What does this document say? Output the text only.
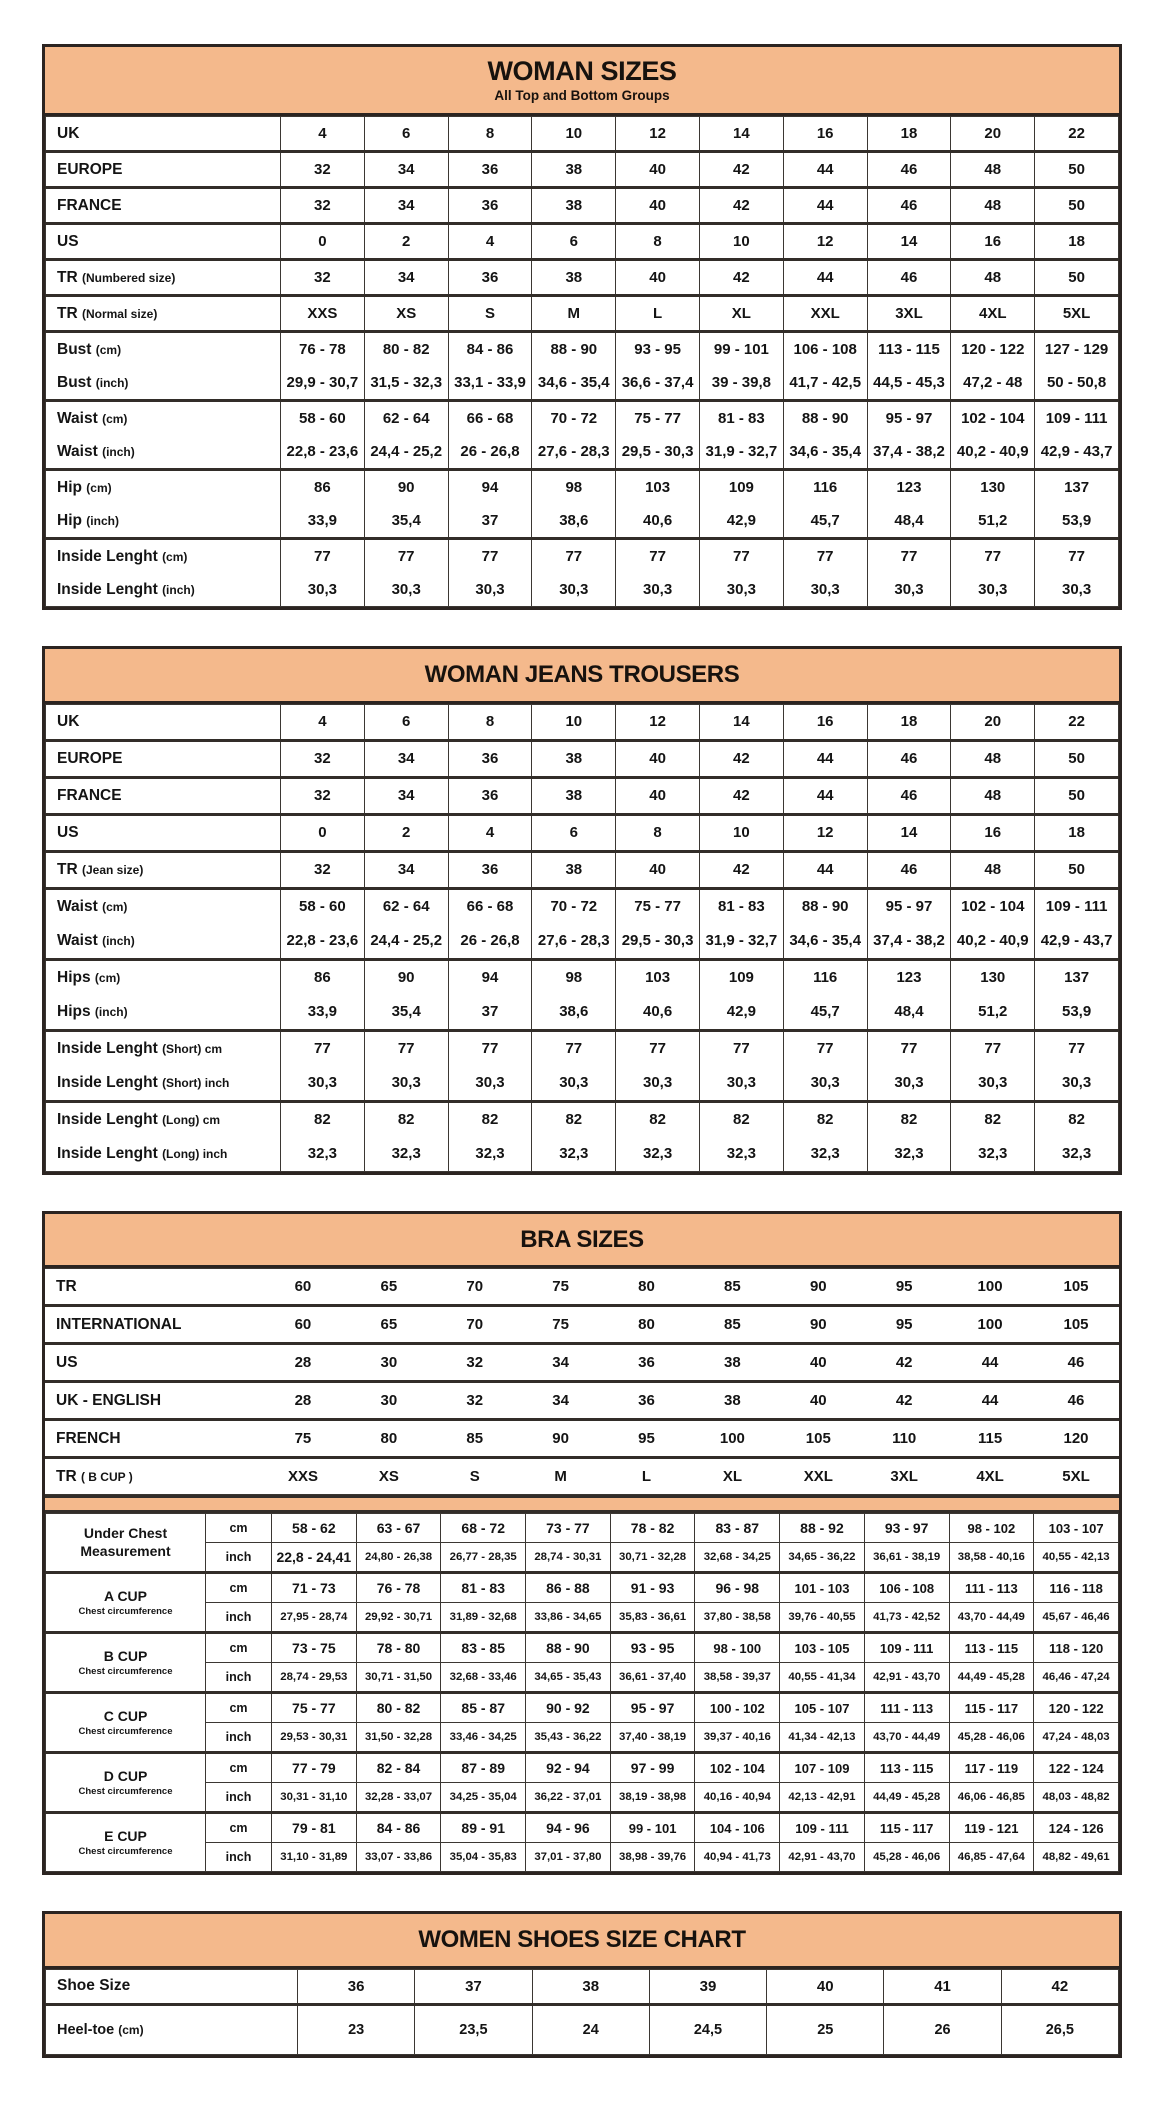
WOMAN SIZES

All Top and Bottom Groups

UK	4	6	8	10	12	14	16	18	20	22
EUROPE	32	34	36	38	40	42	44	46	48	50
FRANCE	32	34	36	38	40	42	44	46	48	50
US	0	2	4	6	8	10	12	14	16	18
TR (Numbered size)	32	34	36	38	40	42	44	46	48	50
TR (Normal size)	XXS	XS	S	M	L	XL	XXL	3XL	4XL	5XL
Bust (cm)	76 - 78	80 - 82	84 - 86	88 - 90	93 - 95	99 - 101	106 - 108	113 - 115	120 - 122	127 - 129
Bust (inch)	29,9 - 30,7	31,5 - 32,3	33,1 - 33,9	34,6 - 35,4	36,6 - 37,4	39 - 39,8	41,7 - 42,5	44,5 - 45,3	47,2 - 48	50 - 50,8
Waist (cm)	58 - 60	62 - 64	66 - 68	70 - 72	75 - 77	81 - 83	88 - 90	95 - 97	102 - 104	109 - 111
Waist (inch)	22,8 - 23,6	24,4 - 25,2	26 - 26,8	27,6 - 28,3	29,5 - 30,3	31,9 - 32,7	34,6 - 35,4	37,4 - 38,2	40,2 - 40,9	42,9 - 43,7
Hip (cm)	86	90	94	98	103	109	116	123	130	137
Hip (inch)	33,9	35,4	37	38,6	40,6	42,9	45,7	48,4	51,2	53,9
Inside Lenght (cm)	77	77	77	77	77	77	77	77	77	77
Inside Lenght (inch)	30,3	30,3	30,3	30,3	30,3	30,3	30,3	30,3	30,3	30,3
WOMAN JEANS TROUSERS
UK	4	6	8	10	12	14	16	18	20	22
EUROPE	32	34	36	38	40	42	44	46	48	50
FRANCE	32	34	36	38	40	42	44	46	48	50
US	0	2	4	6	8	10	12	14	16	18
TR (Jean size)	32	34	36	38	40	42	44	46	48	50
Waist (cm)	58 - 60	62 - 64	66 - 68	70 - 72	75 - 77	81 - 83	88 - 90	95 - 97	102 - 104	109 - 111
Waist (inch)	22,8 - 23,6	24,4 - 25,2	26 - 26,8	27,6 - 28,3	29,5 - 30,3	31,9 - 32,7	34,6 - 35,4	37,4 - 38,2	40,2 - 40,9	42,9 - 43,7
Hips (cm)	86	90	94	98	103	109	116	123	130	137
Hips (inch)	33,9	35,4	37	38,6	40,6	42,9	45,7	48,4	51,2	53,9
Inside Lenght (Short) cm	77	77	77	77	77	77	77	77	77	77
Inside Lenght (Short) inch	30,3	30,3	30,3	30,3	30,3	30,3	30,3	30,3	30,3	30,3
Inside Lenght (Long) cm	82	82	82	82	82	82	82	82	82	82
Inside Lenght (Long) inch	32,3	32,3	32,3	32,3	32,3	32,3	32,3	32,3	32,3	32,3
BRA SIZES
TR	60	65	70	75	80	85	90	95	100	105
INTERNATIONAL	60	65	70	75	80	85	90	95	100	105
US	28	30	32	34	36	38	40	42	44	46
UK - ENGLISH	28	30	32	34	36	38	40	42	44	46
FRENCH	75	80	85	90	95	100	105	110	115	120
TR ( B CUP )	XXS	XS	S	M	L	XL	XXL	3XL	4XL	5XL
Under Chest Measurement	cm	58 - 62	63 - 67	68 - 72	73 - 77	78 - 82	83 - 87	88 - 92	93 - 97	98 - 102	103 - 107
	inch	22,8 - 24,41	24,80 - 26,38	26,77 - 28,35	28,74 - 30,31	30,71 - 32,28	32,68 - 34,25	34,65 - 36,22	36,61 - 38,19	38,58 - 40,16	40,55 - 42,13

A CUP
Chest circumference	cm	71 - 73	76 - 78	81 - 83	86 - 88	91 - 93	96 - 98	101 - 103	106 - 108	111 - 113	116 - 118
	inch	27,95 - 28,74	29,92 - 30,71	31,89 - 32,68	33,86 - 34,65	35,83 - 36,61	37,80 - 38,58	39,76 - 40,55	41,73 - 42,52	43,70 - 44,49	45,67 - 46,46

B CUP
Chest circumference	cm	73 - 75	78 - 80	83 - 85	88 - 90	93 - 95	98 - 100	103 - 105	109 - 111	113 - 115	118 - 120
	inch	28,74 - 29,53	30,71 - 31,50	32,68 - 33,46	34,65 - 35,43	36,61 - 37,40	38,58 - 39,37	40,55 - 41,34	42,91 - 43,70	44,49 - 45,28	46,46 - 47,24

C CUP
Chest circumference	cm	75 - 77	80 - 82	85 - 87	90 - 92	95 - 97	100 - 102	105 - 107	111 - 113	115 - 117	120 - 122
	inch	29,53 - 30,31	31,50 - 32,28	33,46 - 34,25	35,43 - 36,22	37,40 - 38,19	39,37 - 40,16	41,34 - 42,13	43,70 - 44,49	45,28 - 46,06	47,24 - 48,03

D CUP
Chest circumference	cm	77 - 79	82 - 84	87 - 89	92 - 94	97 - 99	102 - 104	107 - 109	113 - 115	117 - 119	122 - 124
	inch	30,31 - 31,10	32,28 - 33,07	34,25 - 35,04	36,22 - 37,01	38,19 - 38,98	40,16 - 40,94	42,13 - 42,91	44,49 - 45,28	46,06 - 46,85	48,03 - 48,82

E CUP
Chest circumference	cm	79 - 81	84 - 86	89 - 91	94 - 96	99 - 101	104 - 106	109 - 111	115 - 117	119 - 121	124 - 126
	inch	31,10 - 31,89	33,07 - 33,86	35,04 - 35,83	37,01 - 37,80	38,98 - 39,76	40,94 - 41,73	42,91 - 43,70	45,28 - 46,06	46,85 - 47,64	48,82 - 49,61
WOMEN SHOES SIZE CHART
Shoe Size	36	37	38	39	40	41	42
Heel-toe (cm)	23	23,5	24	24,5	25	26	26,5
